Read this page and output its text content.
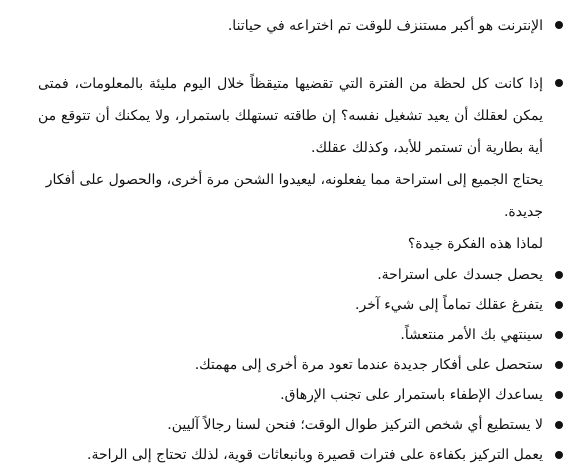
الإنترنت هو أكبر مستنزف للوقت تم اختراعه في حياتنا.
إذا كانت كل لحظة من الفترة التي تقضيها متيقظاً خلال اليوم مليئة بالمعلومات، فمتى يمكن لعقلك أن يعيد تشغيل نفسه؟ إن طاقته تستهلك باستمرار، ولا يمكنك أن تتوقع من أية بطارية أن تستمر للأبد، وكذلك عقلك.
يحتاج الجميع إلى استراحة مما يفعلونه، ليعيدوا الشحن مرة أخرى، والحصول على أفكار جديدة.
لماذا هذه الفكرة جيدة؟
يحصل جسدك على استراحة.
يتفرغ عقلك تماماً إلى شيء آخر.
سينتهي بك الأمر منتعشاً.
ستحصل على أفكار جديدة عندما تعود مرة أخرى إلى مهمتك.
يساعدك الإطفاء باستمرار على تجنب الإرهاق.
لا يستطيع أي شخص التركيز طوال الوقت؛ فنحن لسنا رجالاً آليين.
يعمل التركيز بكفاءة على فترات قصيرة وبانبعاثات قوية، لذلك تحتاج إلى الراحة.
